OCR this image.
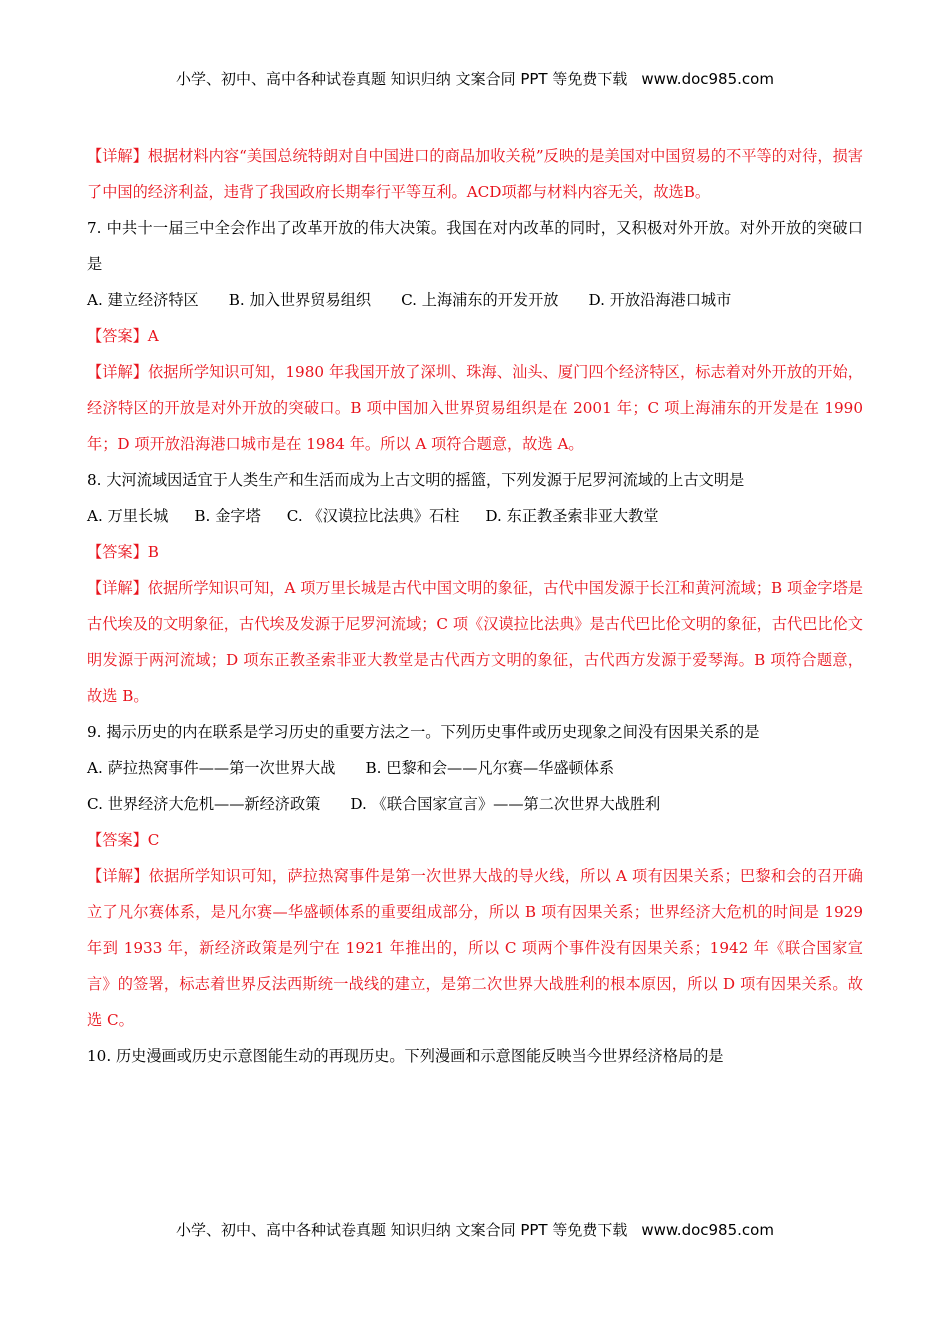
小学、初中、高中各种试卷真题 知识归纳 文案合同 PPT 等免费下载 www.doc985.com

【详解】根据材料内容“美国总统特朗对自中国进口的商品加收关税”反映的是美国对中国贸易的不平等的对待，损害了中国的经济利益，违背了我国政府长期奉行平等互利。ACD项都与材料内容无关，故选B。

7. 中共十一届三中全会作出了改革开放的伟大决策。我国在对内改革的同时，又积极对外开放。对外开放的突破口是

A. 建立经济特区 B. 加入世界贸易组织 C. 上海浦东的开发开放 D. 开放沿海港口城市

【答案】A

【详解】依据所学知识可知，1980 年我国开放了深圳、珠海、汕头、厦门四个经济特区，标志着对外开放的开始，经济特区的开放是对外开放的突破口。B 项中国加入世界贸易组织是在 2001 年；C 项上海浦东的开发是在 1990 年；D 项开放沿海港口城市是在 1984 年。所以 A 项符合题意，故选 A。

8. 大河流域因适宜于人类生产和生活而成为上古文明的摇篮，下列发源于尼罗河流域的上古文明是

A. 万里长城 B. 金字塔 C. 《汉谟拉比法典》石柱 D. 东正教圣索非亚大教堂

【答案】B

【详解】依据所学知识可知，A 项万里长城是古代中国文明的象征，古代中国发源于长江和黄河流域；B 项金字塔是古代埃及的文明象征，古代埃及发源于尼罗河流域；C 项《汉谟拉比法典》是古代巴比伦文明的象征，古代巴比伦文明发源于两河流域；D 项东正教圣索非亚大教堂是古代西方文明的象征，古代西方发源于爱琴海。B 项符合题意，故选 B。

9. 揭示历史的内在联系是学习历史的重要方法之一。下列历史事件或历史现象之间没有因果关系的是

A. 萨拉热窝事件——第一次世界大战 B. 巴黎和会——凡尔赛—华盛顿体系

C. 世界经济大危机——新经济政策 D. 《联合国家宣言》——第二次世界大战胜利

【答案】C

【详解】依据所学知识可知，萨拉热窝事件是第一次世界大战的导火线，所以 A 项有因果关系；巴黎和会的召开确立了凡尔赛体系，是凡尔赛—华盛顿体系的重要组成部分，所以 B 项有因果关系；世界经济大危机的时间是 1929 年到 1933 年，新经济政策是列宁在 1921 年推出的，所以 C 项两个事件没有因果关系；1942 年《联合国家宣言》的签署，标志着世界反法西斯统一战线的建立，是第二次世界大战胜利的根本原因，所以 D 项有因果关系。故选 C。

10. 历史漫画或历史示意图能生动的再现历史。下列漫画和示意图能反映当今世界经济格局的是

小学、初中、高中各种试卷真题 知识归纳 文案合同 PPT 等免费下载 www.doc985.com
